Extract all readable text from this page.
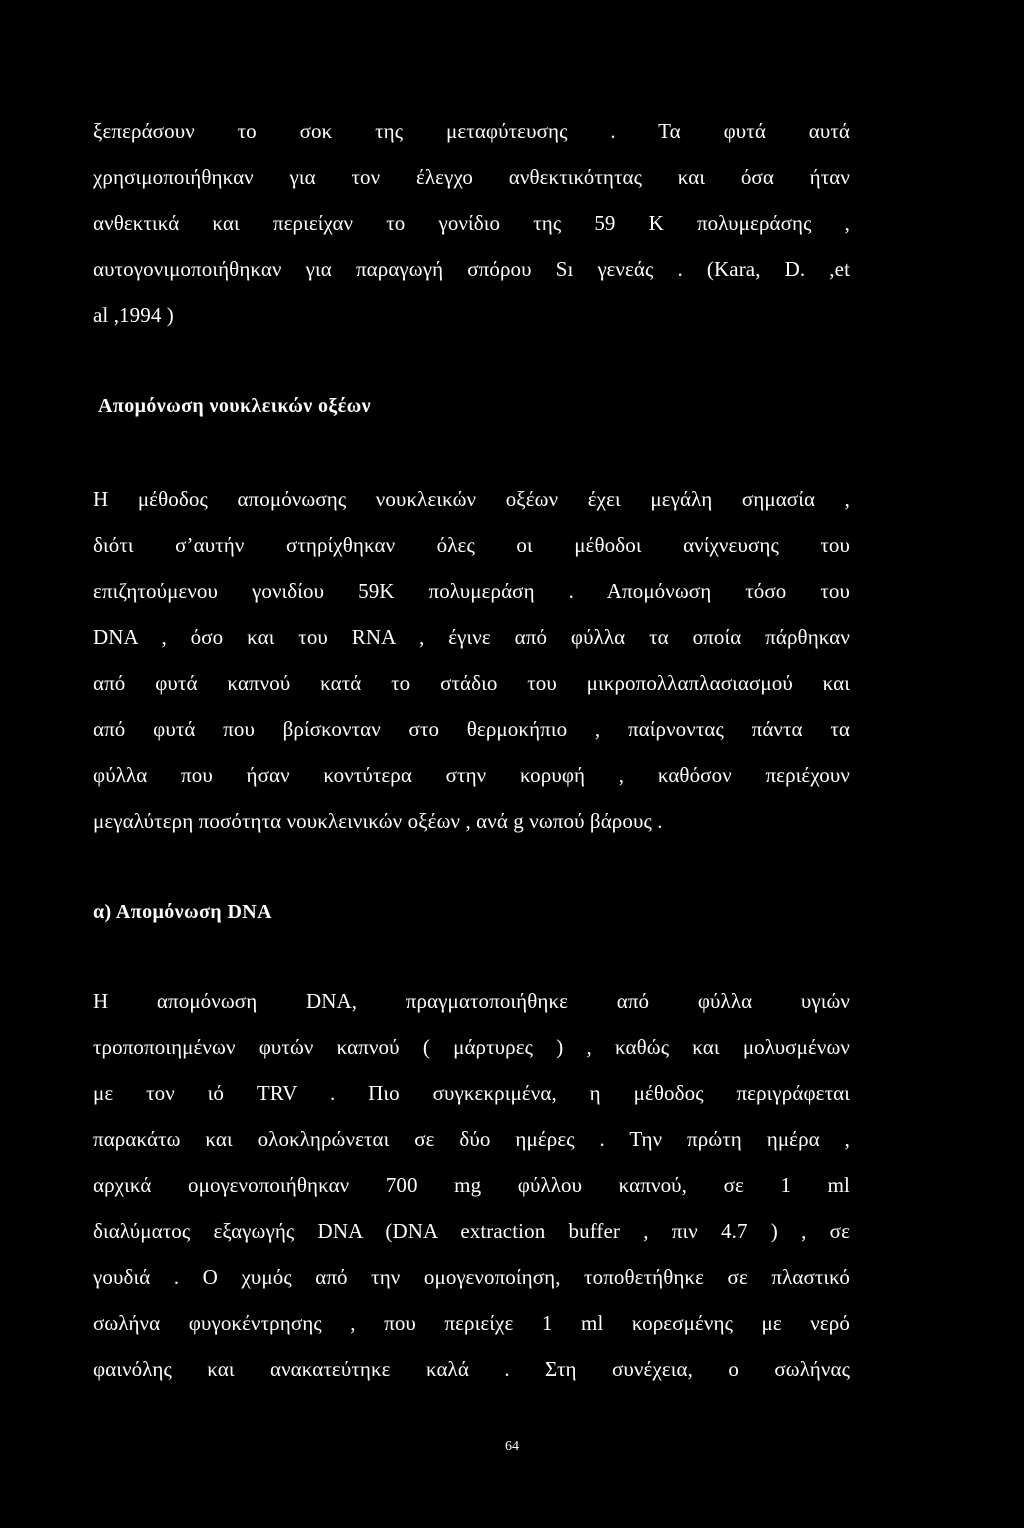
ξεπεράσουν το σοκ της μεταφύτευσης . Τα φυτά αυτά
χρησιμοποιήθηκαν για τον έλεγχο ανθεκτικότητας και όσα ήταν
ανθεκτικά και περιείχαν το γονίδιο της 59 Κ πολυμεράσης ,
αυτογονιμοποιήθηκαν για παραγωγή σπόρου Sı γενεάς . (Kara, D. ,et
al ,1994 )
Απομόνωση νουκλεικών οξέων
Η μέθοδος απομόνωσης νουκλεικών οξέων έχει μεγάλη σημασία ,
διότι σ’αυτήν στηρίχθηκαν όλες οι μέθοδοι ανίχνευσης του
επιζητούμενου γονιδίου 59K πολυμεράση . Απομόνωση τόσο του
DNA , όσο και του RNA , έγινε από φύλλα τα οποία πάρθηκαν
από φυτά καπνού κατά το στάδιο του μικροπολλαπλασιασμού και
από φυτά που βρίσκονταν στο θερμοκήπιο , παίρνοντας πάντα τα
φύλλα που ήσαν κοντύτερα στην κορυφή , καθόσον περιέχουν
μεγαλύτερη ποσότητα νουκλεινικών οξέων , ανά g νωπού βάρους .
α) Απομόνωση DNA
Η απομόνωση DNA, πραγματοποιήθηκε από φύλλα υγιών
τροποποιημένων φυτών καπνού ( μάρτυρες ) , καθώς και μολυσμένων
με τον ιό TRV . Πιο συγκεκριμένα, η μέθοδος περιγράφεται
παρακάτω και ολοκληρώνεται σε δύο ημέρες . Την πρώτη ημέρα ,
αρχικά ομογενοποιήθηκαν 700 mg φύλλου καπνού, σε 1 ml
διαλύματος εξαγωγής DNA (DNA extraction buffer , πιν 4.7 ) , σε
γουδιά . Ο χυμός από την ομογενοποίηση, τοποθετήθηκε σε πλαστικό
σωλήνα φυγοκέντρησης , που περιείχε 1 ml κορεσμένης με νερό
φαινόλης και ανακατεύτηκε καλά . Στη συνέχεια, ο σωλήνας
64
